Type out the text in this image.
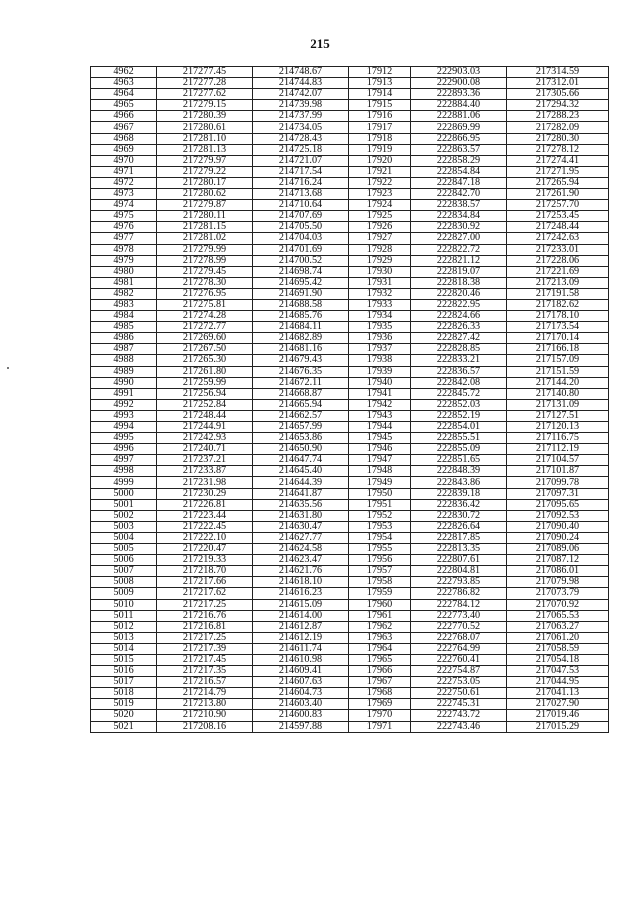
215
4962	217277.45	214748.67	17912	222903.03	217314.59
4963	217277.28	214744.83	17913	222900.08	217312.01
4964	217277.62	214742.07	17914	222893.36	217305.66
4965	217279.15	214739.98	17915	222884.40	217294.32
4966	217280.39	214737.99	17916	222881.06	217288.23
4967	217280.61	214734.05	17917	222869.99	217282.09
4968	217281.10	214728.43	17918	222866.95	217280.30
4969	217281.13	214725.18	17919	222863.57	217278.12
4970	217279.97	214721.07	17920	222858.29	217274.41
4971	217279.22	214717.54	17921	222854.84	217271.95
4972	217280.17	214716.24	17922	222847.18	217265.94
4973	217280.62	214713.68	17923	222842.70	217261.90
4974	217279.87	214710.64	17924	222838.57	217257.70
4975	217280.11	214707.69	17925	222834.84	217253.45
4976	217281.15	214705.50	17926	222830.92	217248.44
4977	217281.02	214704.03	17927	222827.00	217242.63
4978	217279.99	214701.69	17928	222822.72	217233.01
4979	217278.99	214700.52	17929	222821.12	217228.06
4980	217279.45	214698.74	17930	222819.07	217221.69
4981	217278.30	214695.42	17931	222818.38	217213.09
4982	217276.95	214691.90	17932	222820.46	217191.58
4983	217275.81	214688.58	17933	222822.95	217182.62
4984	217274.28	214685.76	17934	222824.66	217178.10
4985	217272.77	214684.11	17935	222826.33	217173.54
4986	217269.60	214682.89	17936	222827.42	217170.14
4987	217267.50	214681.16	17937	222828.85	217166.18
4988	217265.30	214679.43	17938	222833.21	217157.09
4989	217261.80	214676.35	17939	222836.57	217151.59
4990	217259.99	214672.11	17940	222842.08	217144.20
4991	217256.94	214668.87	17941	222845.72	217140.80
4992	217252.84	214665.94	17942	222852.03	217131.09
4993	217248.44	214662.57	17943	222852.19	217127.51
4994	217244.91	214657.99	17944	222854.01	217120.13
4995	217242.93	214653.86	17945	222855.51	217116.75
4996	217240.71	214650.90	17946	222855.09	217112.19
4997	217237.21	214647.74	17947	222851.65	217104.57
4998	217233.87	214645.40	17948	222848.39	217101.87
4999	217231.98	214644.39	17949	222843.86	217099.78
5000	217230.29	214641.87	17950	222839.18	217097.31
5001	217226.81	214635.56	17951	222836.42	217095.65
5002	217223.44	214631.80	17952	222830.72	217092.53
5003	217222.45	214630.47	17953	222826.64	217090.40
5004	217222.10	214627.77	17954	222817.85	217090.24
5005	217220.47	214624.58	17955	222813.35	217089.06
5006	217219.33	214623.47	17956	222807.61	217087.12
5007	217218.70	214621.76	17957	222804.81	217086.01
5008	217217.66	214618.10	17958	222793.85	217079.98
5009	217217.62	214616.23	17959	222786.82	217073.79
5010	217217.25	214615.09	17960	222784.12	217070.92
5011	217216.76	214614.00	17961	222773.40	217065.53
5012	217216.81	214612.87	17962	222770.52	217063.27
5013	217217.25	214612.19	17963	222768.07	217061.20
5014	217217.39	214611.74	17964	222764.99	217058.59
5015	217217.45	214610.98	17965	222760.41	217054.18
5016	217217.35	214609.41	17966	222754.87	217047.53
5017	217216.57	214607.63	17967	222753.05	217044.95
5018	217214.79	214604.73	17968	222750.61	217041.13
5019	217213.80	214603.40	17969	222745.31	217027.90
5020	217210.90	214600.83	17970	222743.72	217019.46
5021	217208.16	214597.88	17971	222743.46	217015.29
